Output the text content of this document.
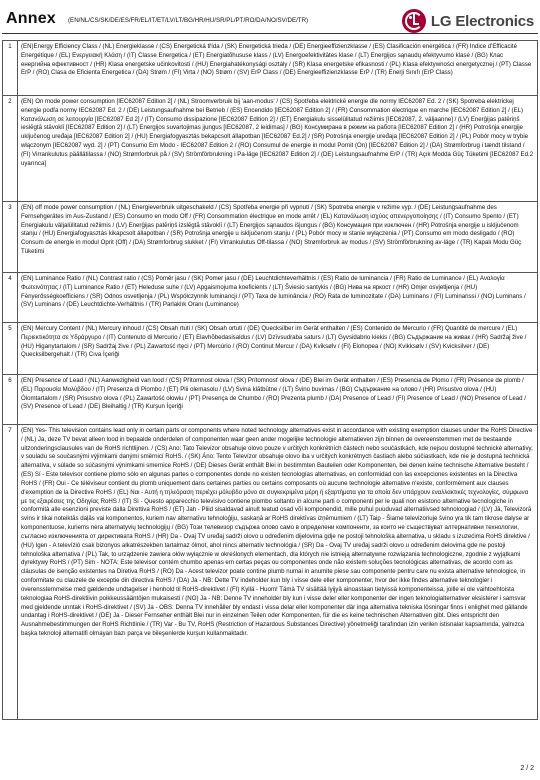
Annex (EN/NL/CS/SK/DE/ES/FR/EL/IT/ET/LV/LT/BG/HR/HU/SR/PL/PT/RO/DA/NO/SV/DE/TR)	LG Electronics
1	(EN)Energy Efficiency Class / (NL) Energieklasse / (CS) Energetická třída / (SK) Energetická trieda / (DE) Energieeffizienzklasse / (ES) Clasificación energética / (FR) Indice d'Efficacité Energétique / (EL) Ενεργειακή Κλάση / (IT) Classe Energetica / (ET) Energiatõhususe klass / (LV) Energoefektivitātes klase / (LT) Energijos sąnaudų efektyvumo klasė / (BG) Клас енергийна ефективност / (HR) Klasa energetske učinkovitosti / (HU) Energiahatékonysági osztály / (SR) Klasa energetske efikasnosti / (PL) Klasa efektywności energetycznej / (PT) Classe ErP / (RO) Clasa de Eficienta Energetica / (DA) Strøm / (FI) Virta / (NO) Strøm / (SV) ErP Class / (DE) Energieeffizienzklasse ErP / (TR) Enerji Sınıfı (ErP Class)
2	(EN) On mode power consumption [IEC62087 Edition 2] / (NL) Stroomverbruik bij 'aan-modus' / (CS) Spotřeba elektrické energie dle normy IEC62087 Ed. 2 / (SK) Spotreba elektrickej energie podľa normy IEC62087 Ed. 2 / (DE) Leistungsaufnahme bei Betrieb / (ES) Encendido [IEC62087 Edition 2] / (FR) Consommation électrique en marche [IEC62087 Edition 2] / (EL) Κατανάλωση σε λειτουργία [IEC62087 Ed 2] / (IT) Consumo dissipazione [IEC62087 Edition 2] / (ET) Energiakulu sisselülitatud režiimis [IEC62087, 2. väljaanne] / (LV) Enerģijas patēriņš ieslēgtā stāvoklī [IEC62087 Edition 2] / (LT) Energijos suvartojimas įjungus [IEC62087, 2 leidimas] / (BG) Консумирана в режим на работа [IEC62087 Edition 2] / (HR) Potrošnja energije uključenog uređaja [IEC62087 Edition 2] / (HU) Energiafogyasztás bekapcsolt állapotban [IEC62087 Ed.2] / (SR) Potrošnja energije uređaja [IEC62087 Edition 2] / (PL) Pobór mocy w trybie włączonym [IEC62087 wyd. 2] / (PT) Consumo Em Modo - IEC62087 Edition 2 / (RO) Consumul de energie in modul Pornit (On) [IEC62087 Edition 2] / (DA) Strømforbrug i tændt tilstand / (FI) Virrankulutus päällätilassa / (NO) Strømforbruk på / (SV) Strömförbrukning i Pa-läge [IEC62087 Edition 2] / (DE) Leistungsaufnahme ErP / (TR) Açık Modda Güç Tüketimi [IEC62087 Ed.2 uyarınca]
3	(EN) off mode power consumption / (NL) Energieverbruik uitgeschakeld / (CS) Spotřeba energie při vypnutí / (SK) Spotreba energie v režime vyp. / (DE) Leistungsaufnahme des Fernsehgerätes im Aus-Zustand / (ES) Consumo en modo Off / (FR) Consommation électrique en mode arrêt / (EL) Κατανάλωση ισχύος απενεργοποίησης / (IT) Consumo Spento / (ET) Energiakulu väljalülitatud režiimis / (LV) Enerģijas patēriņš izslēgtā stāvoklī / (LT) Energijos sąnaudos išjungus / (BG) Консумация при изключен / (HR) Potrošnja energije u isključenom stanju / (HU) Energiafogyasztás kikapcsolt állapotban / (SR) Potrošnja energije u isključenom stanju / (PL) Pobór mocy w stanie wyłączenia / (PT) Consumo em modo desligado / (RO) Consum de energie in modul Oprit (Off) / (DA) Strømforbrug slukket / (FI) Virrankulutus Off-tilassa / (NO) Strømforbruk av modus / (SV) Strömförbrukning av-läge / (TR) Kapalı Modu Güç Tüketimi
4	(EN) Luminance Ratio / (NL) Contrast ratio / (CS) Poměr jasu / (SK) Pomer jasu / (DE) Leuchtdichteverhältnis / (ES) Ratio de luminancia / (FR) Ratio de Luminance / (EL) Αναλογία Φωτεινότητας / (IT) Luminance Ratio / (ET) Heleduse suhe / (LV) Apgaismojuma koeficients / (LT) Šviesio santykis / (BG) Нива на яркост / (HR) Omjer osvjetljenja / (HU) Fényerősségkoefficiens / (SR) Odnos osvetljenja / (PL) Współczynnik luminancji / (PT) Taxa de luminância / (RO) Rata de luminozitate / (DA) Luminans / (FI) Luminanssi / (NO) Luminans / (SV) Luminans / (DE) Leuchtdichte-Verhältnis / (TR) Parlaklık Oranı (Luminance)
5	(EN) Mercury Content / (NL) Mercury inhoud / (CS) Obsah rtuti / (SK) Obsah ortuti / (DE) Quecksilber im Gerät enthalten / (ES) Contenido de Mercurio / (FR) Quantité de mercure / (EL) Περιεκτικότητα σε Υδράργυρο / (IT) Contenuto di Mercurio / (ET) Elavhõbedasisaldus / (LV) Dzīvsudraba saturs / (LT) Gyvsidabrio kiekis / (BG) Съдържание на живак / (HR) Sadržaj žive / (HU) Higanytartalom / (SR) Sadržaj žive / (PL) Zawartość rtęci / (PT) Mercúrio / (RO) Continut Mercur / (DA) Kviksølv / (FI) Elohopea / (NO) Kvikksølv / (SV) Kvicksilver / (DE) Quecksilbergehalt / (TR) Cıva İçeriği
6	(EN) Presence of Lead / (NL) Aanwezigheid van lood / (CS) Přítomnost olova / (SK) Prítomnosť olova / (DE) Blei im Gerät enthalten / (ES) Presencia de Plomo / (FR) Présence de plomb / (EL) Παρουσία Μολύβδου / (IT) Presenza di Piombo / (ET) Plii olemasolu / (LV) Svina klātbūtne / (LT) Švino buvimas / (BG) Съдържание на олово / (HR) Prisustvo olova / (HU) Ólomtartalom / (SR) Prisustvo olova / (PL) Zawartość ołowiu / (PT) Presença de Chumbo / (RO) Prezenta plumb / (DA) Presence of Lead / (FI) Presence of Lead / (NO) Presence of Lead / (SV) Presence of Lead / (DE) Bleihaltig / (TR) Kurşun İçeriği
7	(EN) Yes- This television contains lead only in certain parts or components where noted technology alternatives exist in accordance with existing exemption clauses under the RoHS Directive / (NL) Ja, deze TV bevat alleen lood in bepaalde onderdelen of componenten waar geen ander mogelijke technologie alternatieven zijn binnen de overeenstemmen met de bestaande uitzonderingsclausules van de RoHS richtlijnen. / (CS) Ano: Tato Televizor obsahuje olovo pouze v určitých konkrétních částech nebo součástkách, kde nejsou dostupné technické alternativy, v souladu se současnými výjimkami danými směrnicí RoHS. / (SK) Áno: Tento Televízor obsahuje olovo iba v určitých konkrétnych častiach alebo súčiastkach, kde nie je dostupná technická alternatíva, v súlade so súčasnými výnimkami smernice RoHS / (DE) Dieses Gerät enthält Blei in bestimmten Bauteilen oder Komponenten, bei denen keine technische Alternative besteht / (ES) Sí - Este televisor contiene plomo sólo en algunas partes o componentes donde no existen tecnologías alternativas, en conformidad con las excepciones existentes en la Directiva RoHS / (FR) Oui - Ce téléviseur contient du plomb uniquement dans certaines parties ou certains composants où aucune technologie alternative n'existe, conformément aux clauses d'exemption de la Directive RoHS / (EL) Ναι - Αυτή η τηλεόραση περιέχει μόλυβδο μόνο σε συγκεκριμένα μέρη ή εξαρτήματα για τα οποία δεν υπάρχουν εναλλακτικές τεχνολογίες, σύμφωνα με τις εξαιρέσεις της Οδηγίας RoHS / (IT) Sì - Questo apparecchio televisivo contiene piombo soltanto in alcune parti o componenti per le quali non esistono alternative tecnologiche in conformità alle esenzioni previste dalla Direttiva RoHS / (ET) Jah - Pliid sisaldavad ainult teatud osad või komponendid, mille puhul puuduvad alternatiivsed tehnoloogiad / (LV) Jā, Televizorā svins ir tikai noteiktās daļās vai komponentos, kuriem nav alternatīvu tehnoloģiju, saskaņā ar RoHS direktīvas izņēmumiem / (LT) Taip - Šiame televizoriuje švino yra tik tam tikrose dalyse ar komponentuose, kuriems nėra alternatyvių technologijų / (BG) Този телевизор съдържа олово само в определени компоненти, за които не съществуват алтернативни технологии, съгласно изключенията от директивата RoHS / (HR) Da - Ovaj TV uređaj sadrži olovo u određenim dijelovima gdje ne postoji tehnološka alternativa, u skladu s izuzećima RoHS direktive / (HU) Igen - A televízió csak bizonyos alkatrészekben tartalmaz ólmot, ahol nincs alternatív technológia / (SR) Da - Ovaj TV uređaj sadrži olovo u određenim delovima gde ne postoji tehnološka alternativa / (PL) Tak, to urządzenie zawiera ołów wyłącznie w określonych elementach, dla których nie istnieją alternatywne rozwiązania technologiczne, zgodnie z wyjątkami dyrektywy RoHS / (PT) Sim - NOTA: Este televisor contém chumbo apenas em certas peças ou componentes onde não existem soluções tecnológicas alternativas, de acordo com as cláusulas de isenção existentes na Diretiva RoHS / (RO) Da - Acest televizor poate contine plumb numai in anumite piese sau componente pentru care nu exista alternative tehnologice, in conformitate cu clauzele de exceptie din directiva RoHS / (DA) Ja - NB: Dette TV indeholder kun bly i visse dele eller komponenter, hvor der ikke findes alternative teknologier i overensstemmelse med gældende undtagelser i henhold til RoHS-direktivet / (FI) Kyllä - Huom! Tämä TV sisältää lyijyä ainoastaan tietyissä komponenteissa, joille ei ole vaihtoehtoista teknologiaa RoHS-direktiivin poikkeussääntöjen mukaisesti / (NO) Ja - NB: Denne TV inneholder bly kun i visse deler eller komponenter der ingen teknologialternativer eksisterer i samsvar med gjeldende unntak i RoHS-direktivet / (SV) Ja - OBS: Denna TV innehåller bly endast i vissa delar eller komponenter där inga alternativa tekniska lösningar finns i enlighet med gällande undantag i RoHS-direktivet / (DE) Ja - Dieser Fernseher enthält Blei nur in einzelnen Teilen oder Komponenten, für die es keine technischen Alternativen gibt. Dies entspricht den Ausnahmebestimmungen der RoHS Richtlinie / (TR) Var - Bu TV, RoHS (Restriction of Hazardous Substances Directive) yönetmeliği tarafından izin verilen istisnalar kapsamında, yalnızca başka teknoloji alternatifi olmayan bazı parça ve bileşenlerde kurşun kullanmaktadır.
2 / 2
